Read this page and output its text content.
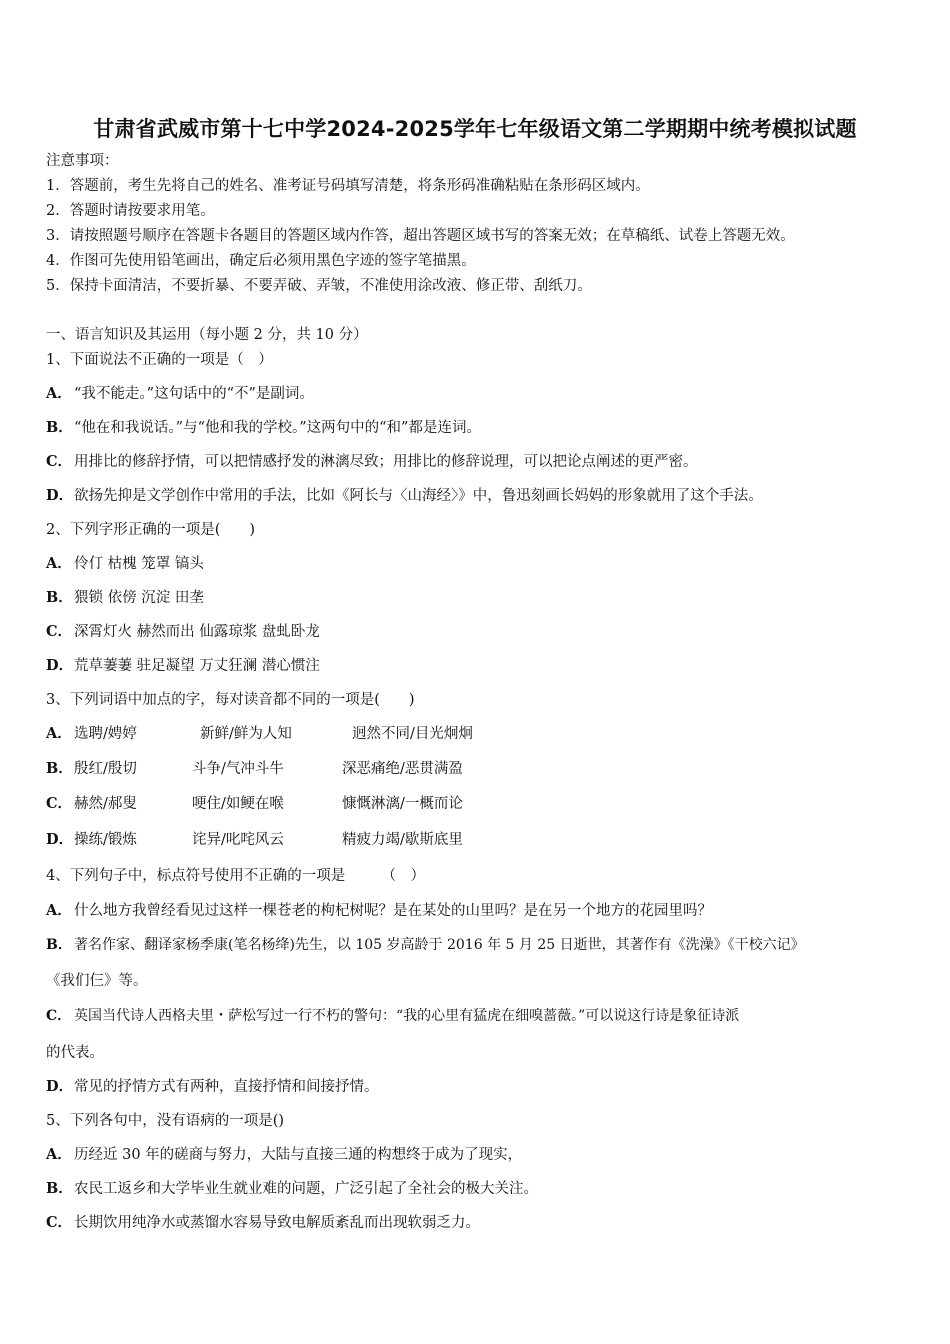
甘肃省武威市第十七中学2024-2025学年七年级语文第二学期期中统考模拟试题
注意事项：
1．答题前，考生先将自己的姓名、准考证号码填写清楚，将条形码准确粘贴在条形码区域内。
2．答题时请按要求用笔。
3．请按照题号顺序在答题卡各题目的答题区域内作答，超出答题区域书写的答案无效；在草稿纸、试卷上答题无效。
4．作图可先使用铅笔画出，确定后必须用黑色字迹的签字笔描黑。
5．保持卡面清洁，不要折暴、不要弄破、弄皱，不准使用涂改液、修正带、刮纸刀。
一、语言知识及其运用（每小题 2 分，共 10 分）
1、下面说法不正确的一项是（　）
A． “我不能走。”这句话中的“不”是副词。
B．“他在和我说话。”与“他和我的学校。”这两句中的“和”都是连词。
C． 用排比的修辞抒情，可以把情感抒发的淋漓尽致；用排比的修辞说理，可以把论点阐述的更严密。
D．欲扬先抑是文学创作中常用的手法，比如《阿长与〈山海经〉》中，鲁迅刻画长妈妈的形象就用了这个手法。
2、下列字形正确的一项是(　　)
A． 伶仃 枯槐 笼罩 镐头
B．猥锁 依傍 沉淀 田垄
C． 深霄灯火 赫然而出 仙露琼浆 盘虬卧龙
D．荒草萋萋 驻足凝望 万丈狂澜 潜心惯注
3、下列词语中加点的字，每对读音都不同的一项是(　　)
A． 选聘/娉婷	新鲜/鲜为人知	迥然不同/目光炯炯
B．殷红/殷切	斗争/气冲斗牛	深恶痛绝/恶贯满盈
C． 赫然/郝叟	哽住/如鲠在喉	慷慨淋漓/一概而论
D．操练/锻炼	诧异/叱咤风云	精疲力竭/歇斯底里
4、下列句子中，标点符号使用不正确的一项是　　　（　）
A． 什么地方我曾经看见过这样一棵苍老的枸杞树呢？是在某处的山里吗？是在另一个地方的花园里吗？
B． 著名作家、翻译家杨季康(笔名杨绛)先生，以 105 岁高龄于 2016 年 5 月 25 日逝世，其著作有《洗澡》《干校六记》
《我们仨》等。
C． 英国当代诗人西格夫里・萨松写过一行不朽的警句：“我的心里有猛虎在细嗅蔷薇。”可以说这行诗是象征诗派
的代表。
D．常见的抒情方式有两种，直接抒情和间接抒情。
5、下列各句中，没有语病的一项是()
A． 历经近 30 年的磋商与努力，大陆与直接三通的构想终于成为了现实，
B．农民工返乡和大学毕业生就业难的问题，广泛引起了全社会的极大关注。
C． 长期饮用纯净水或蒸馏水容易导致电解质紊乱而出现软弱乏力。
